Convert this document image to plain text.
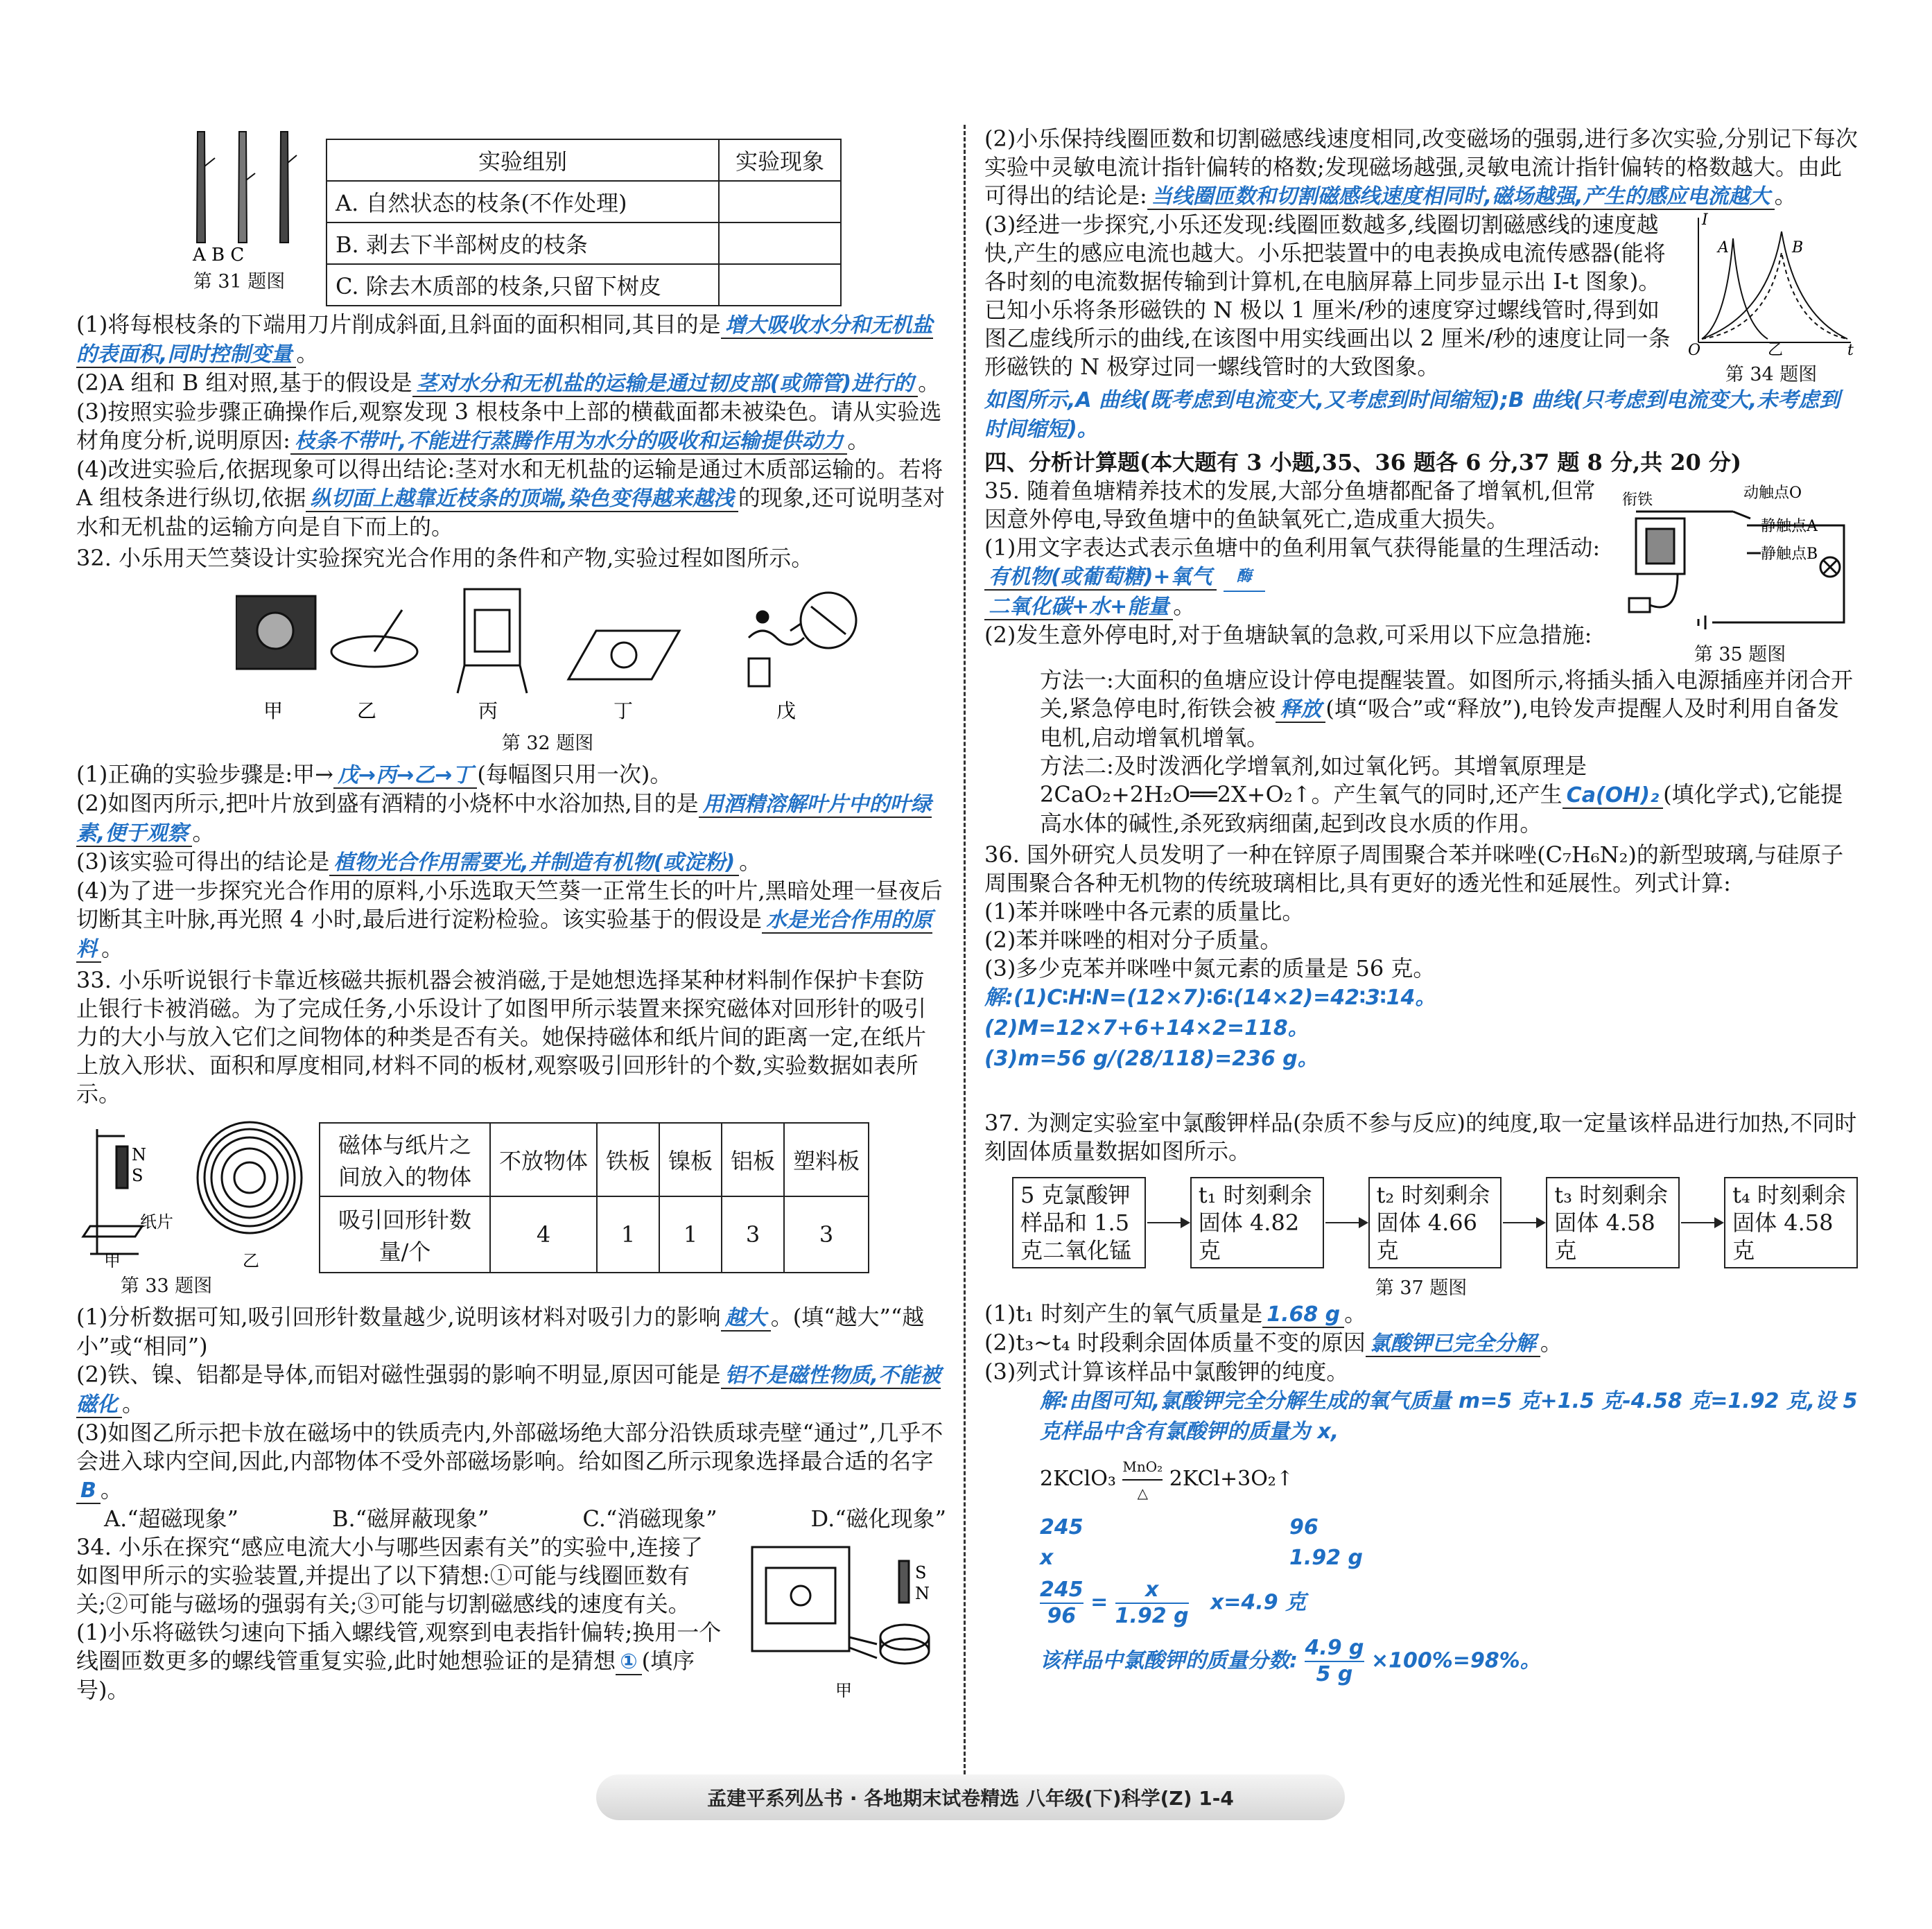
A B C
第 31 题图
实验组别	实验现象
A. 自然状态的枝条(不作处理)	
B. 剥去下半部树皮的枝条	
C. 除去木质部的枝条,只留下树皮	

(1)将每根枝条的下端用刀片削成斜面,且斜面的面积相同,其目的是 增大吸收水分和无机盐的表面积,同时控制变量 。

(2)A 组和 B 组对照,基于的假设是 茎对水分和无机盐的运输是通过韧皮部(或筛管)进行的 。

(3)按照实验步骤正确操作后,观察发现 3 根枝条中上部的横截面都未被染色。请从实验选材角度分析,说明原因: 枝条不带叶,不能进行蒸腾作用为水分的吸收和运输提供动力 。

(4)改进实验后,依据现象可以得出结论:茎对水和无机盐的运输是通过木质部运输的。若将 A 组枝条进行纵切,依据 纵切面上越靠近枝条的顶端,染色变得越来越浅 的现象,还可说明茎对水和无机盐的运输方向是自下而上的。

32. 小乐用天竺葵设计实验探究光合作用的条件和产物,实验过程如图所示。

甲	乙	丙	丁	戊
第 32 题图

(1)正确的实验步骤是:甲→ 戊→丙→乙→丁 (每幅图只用一次)。

(2)如图丙所示,把叶片放到盛有酒精的小烧杯中水浴加热,目的是 用酒精溶解叶片中的叶绿素,便于观察 。

(3)该实验可得出的结论是 植物光合作用需要光,并制造有机物(或淀粉) 。

(4)为了进一步探究光合作用的原料,小乐选取天竺葵一正常生长的叶片,黑暗处理一昼夜后切断其主叶脉,再光照 4 小时,最后进行淀粉检验。该实验基于的假设是 水是光合作用的原料 。

33. 小乐听说银行卡靠近核磁共振机器会被消磁,于是她想选择某种材料制作保护卡套防止银行卡被消磁。为了完成任务,小乐设计了如图甲所示装置来探究磁体对回形针的吸引力的大小与放入它们之间物体的种类是否有关。她保持磁体和纸片间的距离一定,在纸片上放入形状、面积和厚度相同,材料不同的板材,观察吸引回形针的个数,实验数据如表所示。

N
S
纸片
甲	乙
第 33 题图
磁体与纸片之间放入的物体	不放物体	铁板	镍板	铝板	塑料板
吸引回形针数量/个	4	1	1	3	3

(1)分析数据可知,吸引回形针数量越少,说明该材料对吸引力的影响 越大 。(填“越大”“越小”或“相同”)

(2)铁、镍、铝都是导体,而铝对磁性强弱的影响不明显,原因可能是 铝不是磁性物质,不能被磁化 。

(3)如图乙所示把卡放在磁场中的铁质壳内,外部磁场绝大部分沿铁质球壳壁“通过”,几乎不会进入球内空间,因此,内部物体不受外部磁场影响。给如图乙所示现象选择最合适的名字B 。

A.“超磁现象”	B.“磁屏蔽现象”	C.“消磁现象”	D.“磁化现象”

34. 小乐在探究“感应电流大小与哪些因素有关”的实验中,连接了如图甲所示的实验装置,并提出了以下猜想:①可能与线圈匝数有关;②可能与磁场的强弱有关;③可能与切割磁感线的速度有关。

(1)小乐将磁铁匀速向下插入螺线管,观察到电表指针偏转;换用一个线圈匝数更多的螺线管重复实验,此时她想验证的是猜想 ① (填序号)。

S
N
甲

(2)小乐保持线圈匝数和切割磁感线速度相同,改变磁场的强弱,进行多次实验,分别记下每次实验中灵敏电流计指针偏转的格数;发现磁场越强,灵敏电流计指针偏转的格数越大。由此可得出的结论是: 当线圈匝数和切割磁感线速度相同时,磁场越强,产生的感应电流越大 。

(3)经进一步探究,小乐还发现:线圈匝数越多,线圈切割磁感线的速度越快,产生的感应电流也越大。小乐把装置中的电表换成电流传感器(能将各时刻的电流数据传输到计算机,在电脑屏幕上同步显示出 I-t 图象)。已知小乐将条形磁铁的 N 极以 1 厘米/秒的速度穿过螺线管时,得到如图乙虚线所示的曲线,在该图中用实线画出以 2 厘米/秒的速度让同一条形磁铁的 N 极穿过同一螺线管时的大致图象。

I
O	t
A	B
乙
第 34 题图

如图所示,A 曲线(既考虑到电流变大,又考虑到时间缩短);B 曲线(只考虑到电流变大,未考虑到时间缩短)。

四、分析计算题(本大题有 3 小题,35、36 题各 6 分,37 题 8 分,共 20 分)

35. 随着鱼塘精养技术的发展,大部分鱼塘都配备了增氧机,但常因意外停电,导致鱼塘中的鱼缺氧死亡,造成重大损失。

(1)用文字表达式表示鱼塘中的鱼利用氧气获得能量的生理活动:

有机物(或葡萄糖)+氧气 酶

二氧化碳+水+能量 。

(2)发生意外停电时,对于鱼塘缺氧的急救,可采用以下应急措施:

衔铁	动触点O
静触点A
静触点B
第 35 题图

方法一:大面积的鱼塘应设计停电提醒装置。如图所示,将插头插入电源插座并闭合开关,紧急停电时,衔铁会被 释放 (填“吸合”或“释放”),电铃发声提醒人及时利用自备发电机,启动增氧机增氧。

方法二:及时泼洒化学增氧剂,如过氧化钙。其增氧原理是 2CaO₂+2H₂O══2X+O₂↑。产生氧气的同时,还产生 Ca(OH)₂ (填化学式),它能提高水体的碱性,杀死致病细菌,起到改良水质的作用。

36. 国外研究人员发明了一种在锌原子周围聚合苯并咪唑(C₇H₆N₂)的新型玻璃,与硅原子周围聚合各种无机物的传统玻璃相比,具有更好的透光性和延展性。列式计算:

(1)苯并咪唑中各元素的质量比。

(2)苯并咪唑的相对分子质量。

(3)多少克苯并咪唑中氮元素的质量是 56 克。

解:(1)C∶H∶N=(12×7)∶6∶(14×2)=42∶3∶14。

(2)M=12×7+6+14×2=118。

(3)m=56 g/(28/118)=236 g。

37. 为测定实验室中氯酸钾样品(杂质不参与反应)的纯度,取一定量该样品进行加热,不同时刻固体质量数据如图所示。

5 克氯酸钾样品和 1.5 克二氧化锰
t₁ 时刻剩余固体 4.82 克
t₂ 时刻剩余固体 4.66 克
t₃ 时刻剩余固体 4.58 克
t₄ 时刻剩余固体 4.58 克
第 37 题图

(1)t₁ 时刻产生的氧气质量是 1.68 g 。

(2)t₃~t₄ 时段剩余固体质量不变的原因 氯酸钾已完全分解 。

(3)列式计算该样品中氯酸钾的纯度。

解:由图可知,氯酸钾完全分解生成的氧气质量 m=5 克+1.5 克-4.58 克=1.92 克,设 5 克样品中含有氯酸钾的质量为 x,

2KClO₃ $\frac{\text{MnO₂}}{\triangle}$ 2KCl+3O₂↑

245	96
x	1.92 g

$\frac{245}{96} = \frac{x}{1.92 g} x=4.9$ 克

该样品中氯酸钾的质量分数: $\frac{4.9 g}{5 g} \times 100\%=98\%$。

孟建平系列丛书 · 各地期末试卷精选 八年级(下)科学(Z) 1-4
